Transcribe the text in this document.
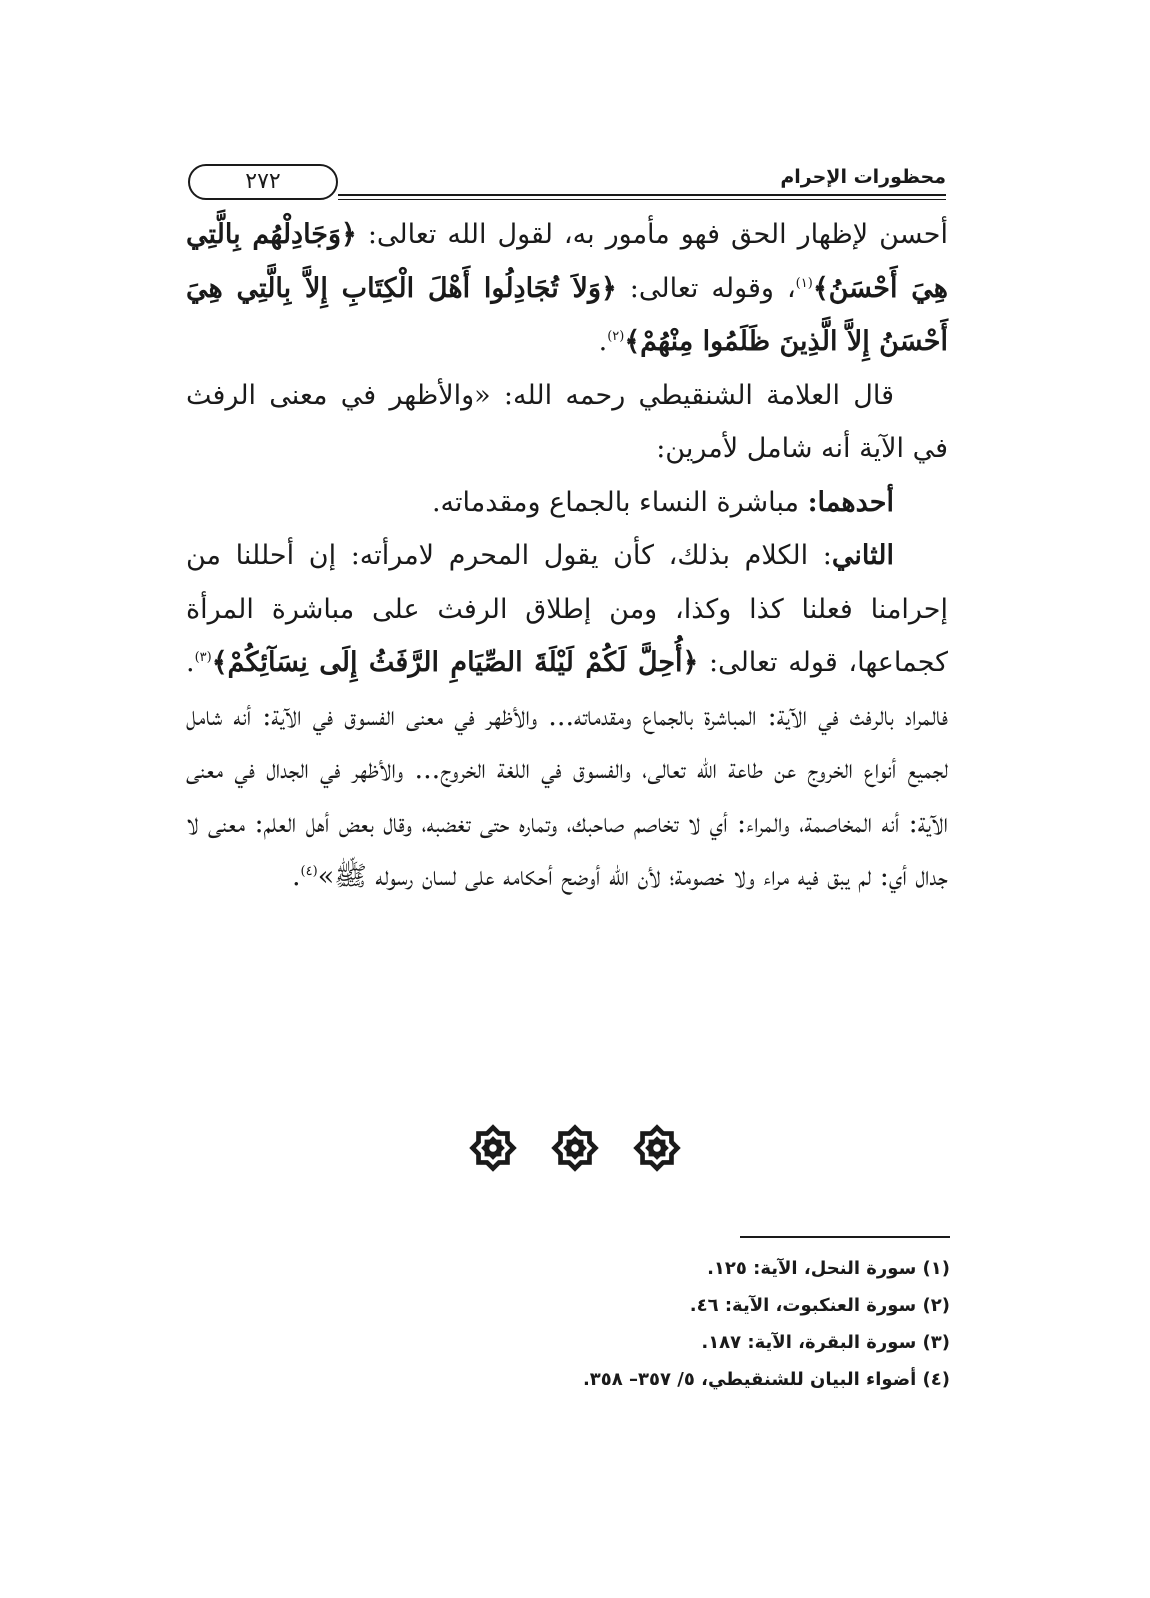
محظورات الإحرام
٢٧٢

أحسن لإظهار الحق فهو مأمور به، لقول الله تعالى: ﴿وَجَادِلْهُم بِالَّتِي هِيَ أَحْسَنُ﴾$^{(١)}$، وقوله تعالى: ﴿وَلاَ تُجَادِلُوا أَهْلَ الْكِتَابِ إِلاَّ بِالَّتِي هِيَ أَحْسَنُ إِلاَّ الَّذِينَ ظَلَمُوا مِنْهُمْ﴾$^{(٢)}$.

قال العلامة الشنقيطي رحمه الله: «والأظهر في معنى الرفث في الآية أنه شامل لأمرين:

أحدهما: مباشرة النساء بالجماع ومقدماته.

الثاني: الكلام بذلك، كأن يقول المحرم لامرأته: إن أحللنا من إحرامنا فعلنا كذا وكذا، ومن إطلاق الرفث على مباشرة المرأة كجماعها، قوله تعالى: ﴿أُحِلَّ لَكُمْ لَيْلَةَ الصِّيَامِ الرَّفَثُ إِلَى نِسَآئِكُمْ﴾$^{(٣)}$. فالمراد بالرفث في الآية: المباشرة بالجماع ومقدماته... والأظهر في معنى الفسوق في الآية: أنه شامل لجميع أنواع الخروج عن طاعة الله تعالى، والفسوق في اللغة الخروج... والأظهر في الجدال في معنى الآية: أنه المخاصمة، والمراء: أي لا تخاصم صاحبك، وتماره حتى تغضبه، وقال بعض أهل العلم: معنى لا جدال أي: لم يبق فيه مراء ولا خصومة؛ لأن الله أوضح أحكامه على لسان رسوله ﷺ»$^{(٤)}$.

(١) سورة النحل، الآية: ١٢٥.
(٢) سورة العنكبوت، الآية: ٤٦.
(٣) سورة البقرة، الآية: ١٨٧.
(٤) أضواء البيان للشنقيطي، ٥/ ٣٥٧– ٣٥٨.
